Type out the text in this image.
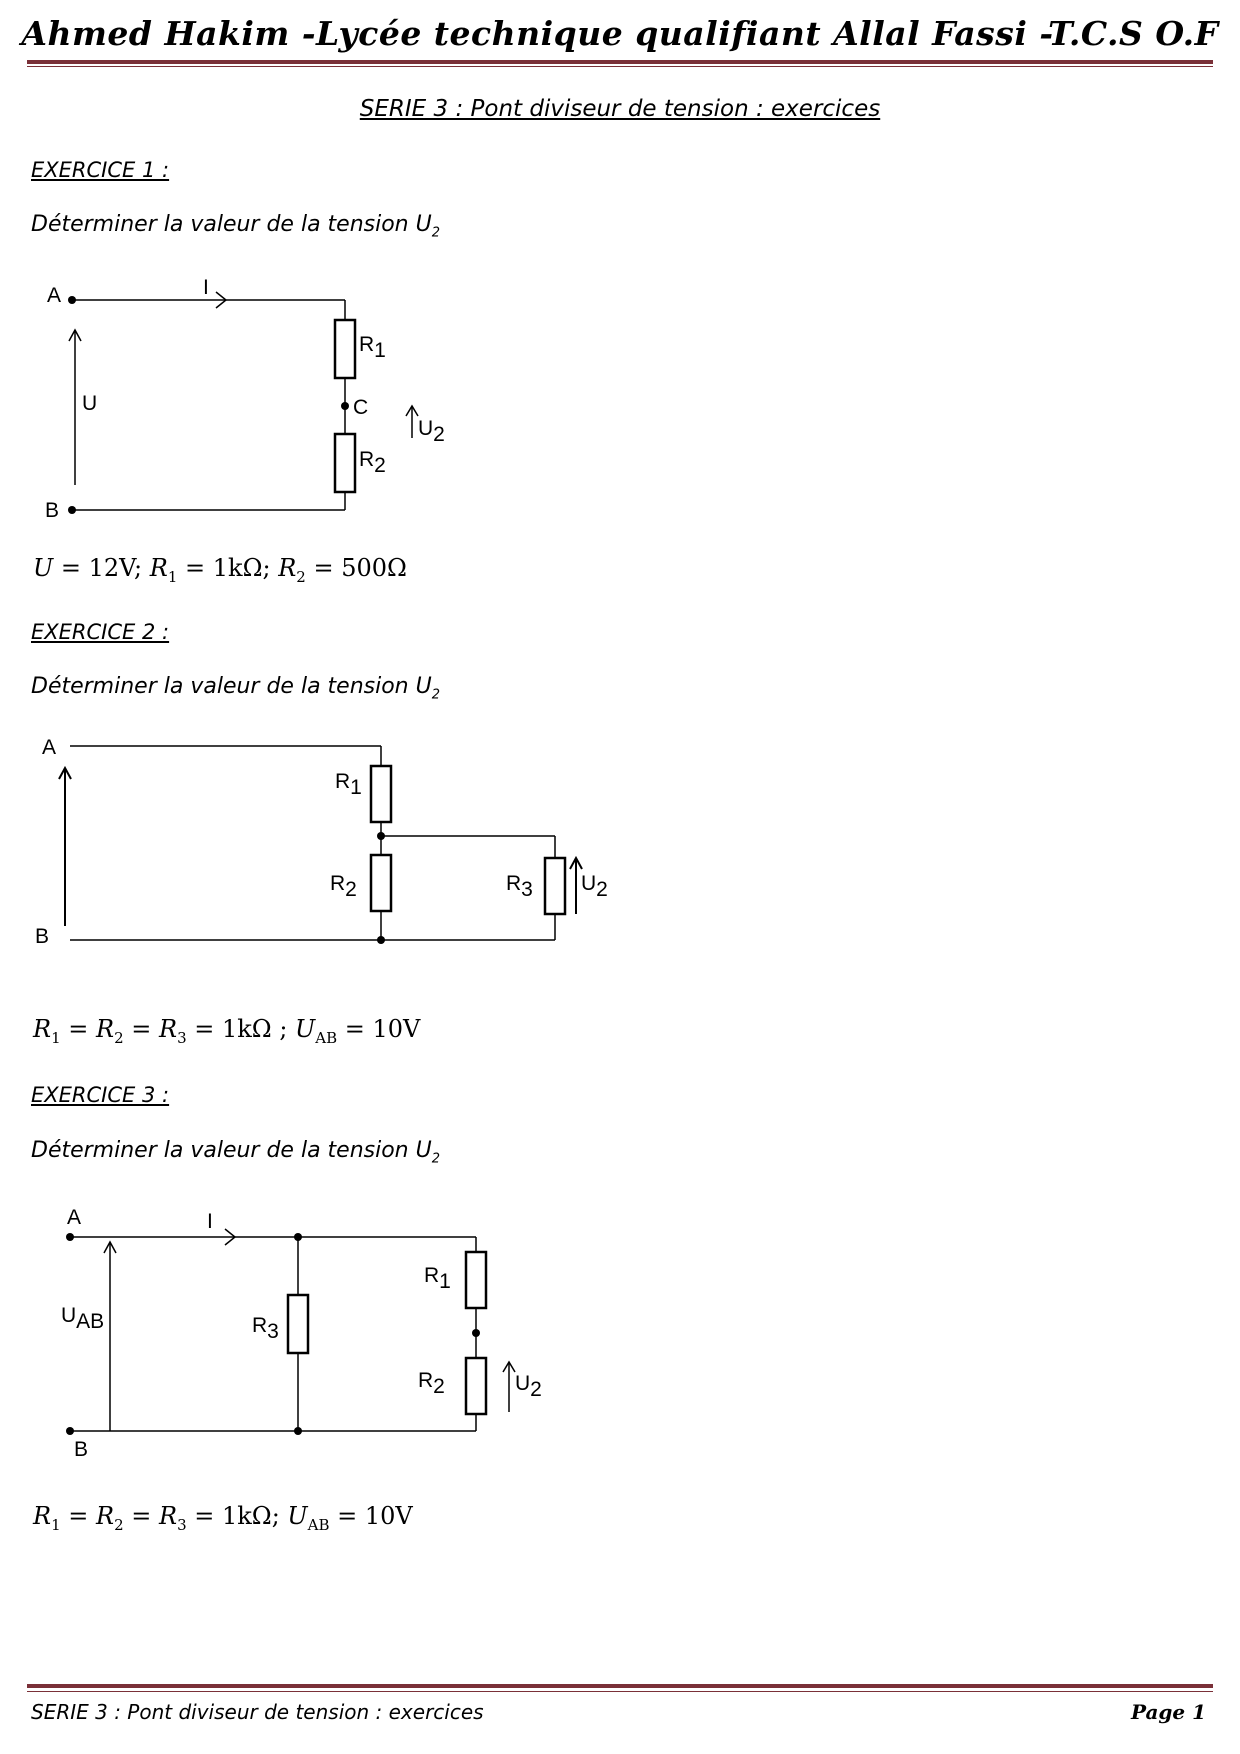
Ahmed Hakim -Lycée technique qualifiant Allal Fassi -T.C.S O.F
SERIE 3 : Pont diviseur de tension : exercices
EXERCICE 1 :
Déterminer la valeur de la tension $U_2$
A
B
C
I
U
R1
R2
U2
U = 12V; $R_1 = 1k\Omega$; $R_2 = 500\Omega$
EXERCICE 2 :
Déterminer la valeur de la tension $U_2$
A
B
R1
R2	R3 U2
$R_1 = R_2 = R_3 = 1k\Omega$ ; $U_{AB} = 10V$
EXERCICE 3 :
Déterminer la valeur de la tension $U_2$
A
B
I
UAB	R3
R1
R2	U2
$R_1 = R_2 = R_3 = 1k\Omega$; $U_{AB} = 10V$
SERIE 3 : Pont diviseur de tension : exercices	Page 1
